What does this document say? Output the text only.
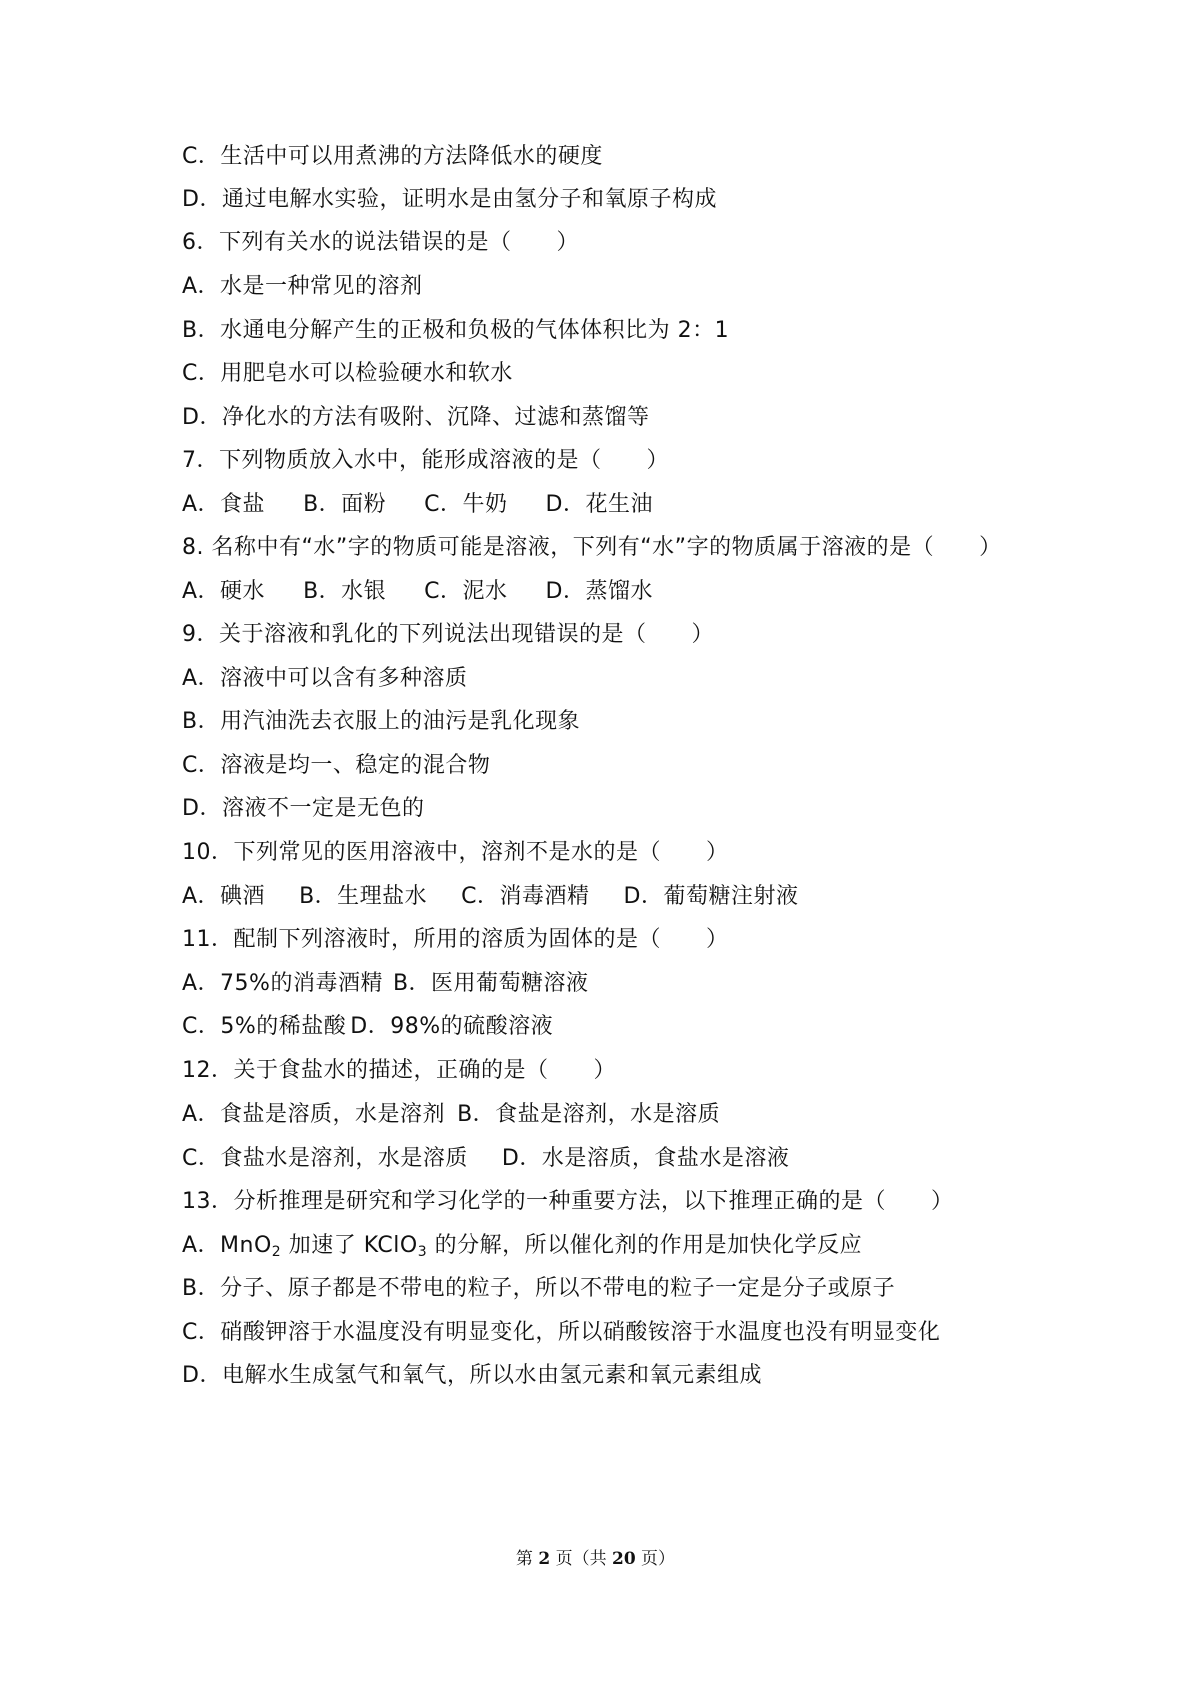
C．生活中可以用煮沸的方法降低水的硬度
D．通过电解水实验，证明水是由氢分子和氧原子构成
6．下列有关水的说法错误的是（　　）
A．水是一种常见的溶剂
B．水通电分解产生的正极和负极的气体体积比为 2：1
C．用肥皂水可以检验硬水和软水
D．净化水的方法有吸附、沉降、过滤和蒸馏等
7．下列物质放入水中，能形成溶液的是（　　）
A．食盐 B．面粉 C．牛奶 D．花生油
8. 名称中有“水”字的物质可能是溶液，下列有“水”字的物质属于溶液的是（　　）
A．硬水 B．水银 C．泥水 D．蒸馏水
9．关于溶液和乳化的下列说法出现错误的是（　　）
A．溶液中可以含有多种溶质
B．用汽油洗去衣服上的油污是乳化现象
C．溶液是均一、稳定的混合物
D．溶液不一定是无色的
10．下列常见的医用溶液中，溶剂不是水的是（　　）
A．碘酒 B．生理盐水 C．消毒酒精 D．葡萄糖注射液
11．配制下列溶液时，所用的溶质为固体的是（　　）
A．75%的消毒酒精 B．医用葡萄糖溶液
C．5%的稀盐酸 D．98%的硫酸溶液
12．关于食盐水的描述，正确的是（　　）
A．食盐是溶质，水是溶剂 B．食盐是溶剂，水是溶质
C．食盐水是溶剂，水是溶质 D．水是溶质，食盐水是溶液
13．分析推理是研究和学习化学的一种重要方法，以下推理正确的是（　　）
A．MnO$_2$ 加速了 KClO$_3$ 的分解，所以催化剂的作用是加快化学反应
B．分子、原子都是不带电的粒子，所以不带电的粒子一定是分子或原子
C．硝酸钾溶于水温度没有明显变化，所以硝酸铵溶于水温度也没有明显变化
D．电解水生成氢气和氧气，所以水由氢元素和氧元素组成
第 2 页（共 20 页）
